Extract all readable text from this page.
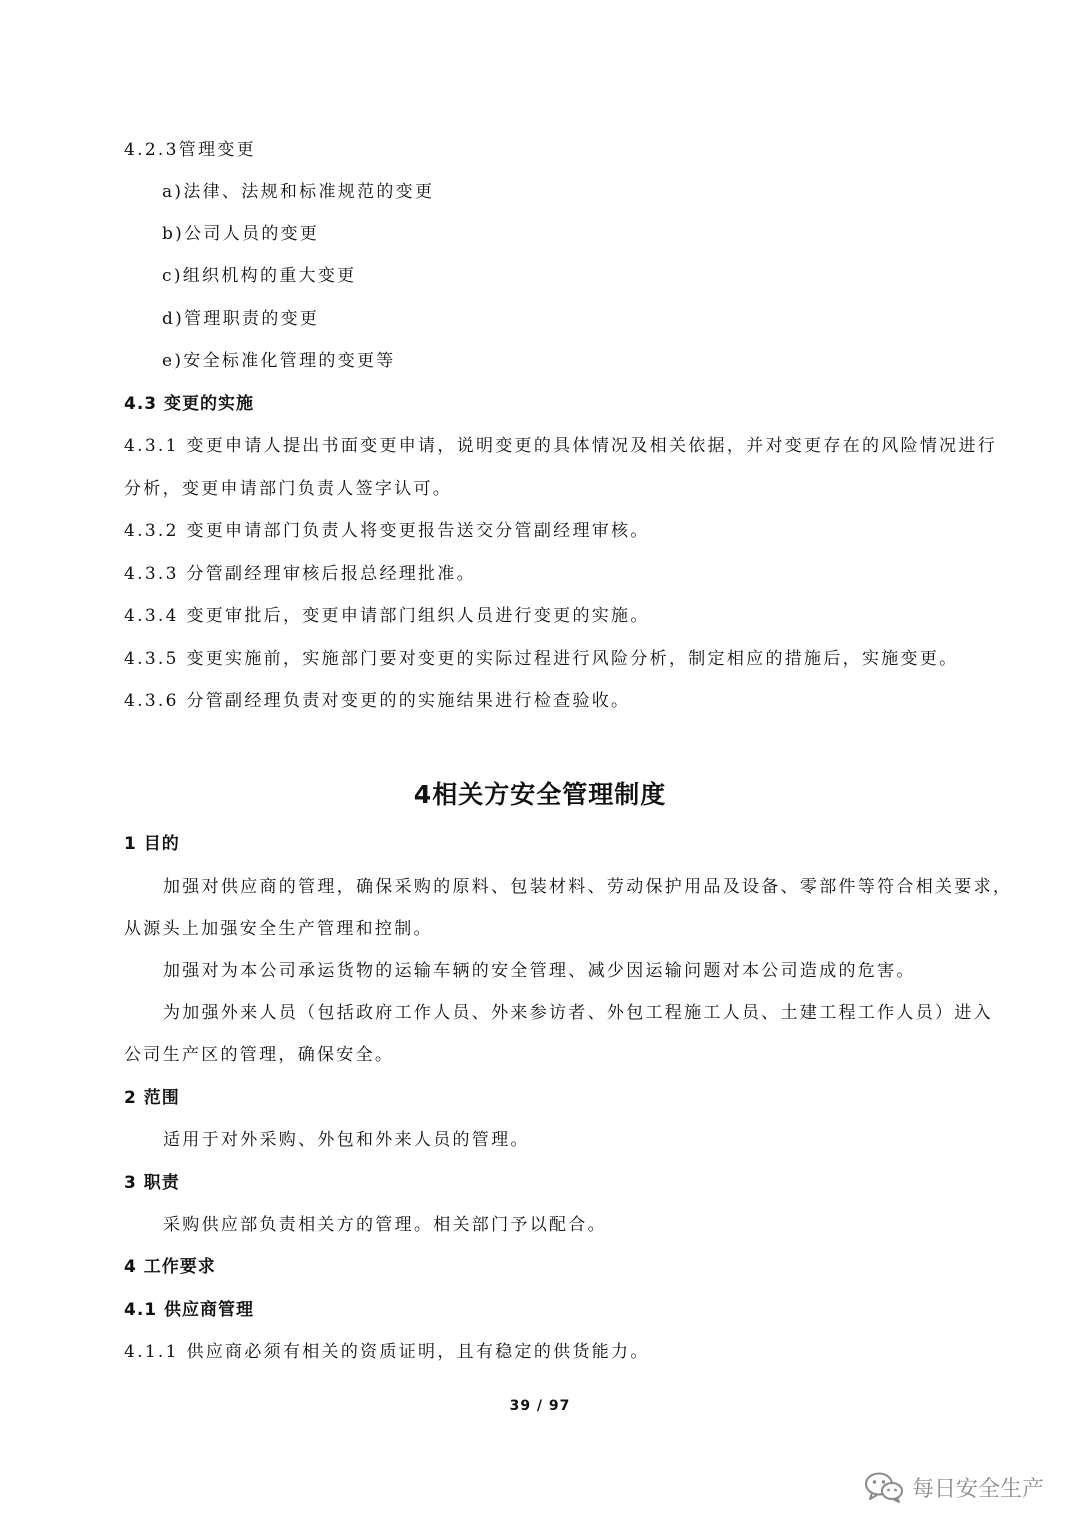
4.2.3管理变更
a)法律、法规和标准规范的变更
b)公司人员的变更
c)组织机构的重大变更
d)管理职责的变更
e)安全标准化管理的变更等
4.3 变更的实施
4.3.1 变更申请人提出书面变更申请，说明变更的具体情况及相关依据，并对变更存在的风险情况进行
分析，变更申请部门负责人签字认可。
4.3.2 变更申请部门负责人将变更报告送交分管副经理审核。
4.3.3 分管副经理审核后报总经理批准。
4.3.4 变更审批后，变更申请部门组织人员进行变更的实施。
4.3.5 变更实施前，实施部门要对变更的实际过程进行风险分析，制定相应的措施后，实施变更。
4.3.6 分管副经理负责对变更的的实施结果进行检查验收。
4相关方安全管理制度
1 目的
加强对供应商的管理，确保采购的原料、包装材料、劳动保护用品及设备、零部件等符合相关要求，
从源头上加强安全生产管理和控制。
加强对为本公司承运货物的运输车辆的安全管理、减少因运输问题对本公司造成的危害。
为加强外来人员（包括政府工作人员、外来参访者、外包工程施工人员、土建工程工作人员）进入
公司生产区的管理，确保安全。
2 范围
适用于对外采购、外包和外来人员的管理。
3 职责
采购供应部负责相关方的管理。相关部门予以配合。
4 工作要求
4.1 供应商管理
4.1.1 供应商必须有相关的资质证明，且有稳定的供货能力。
39 / 97
每日安全生产
